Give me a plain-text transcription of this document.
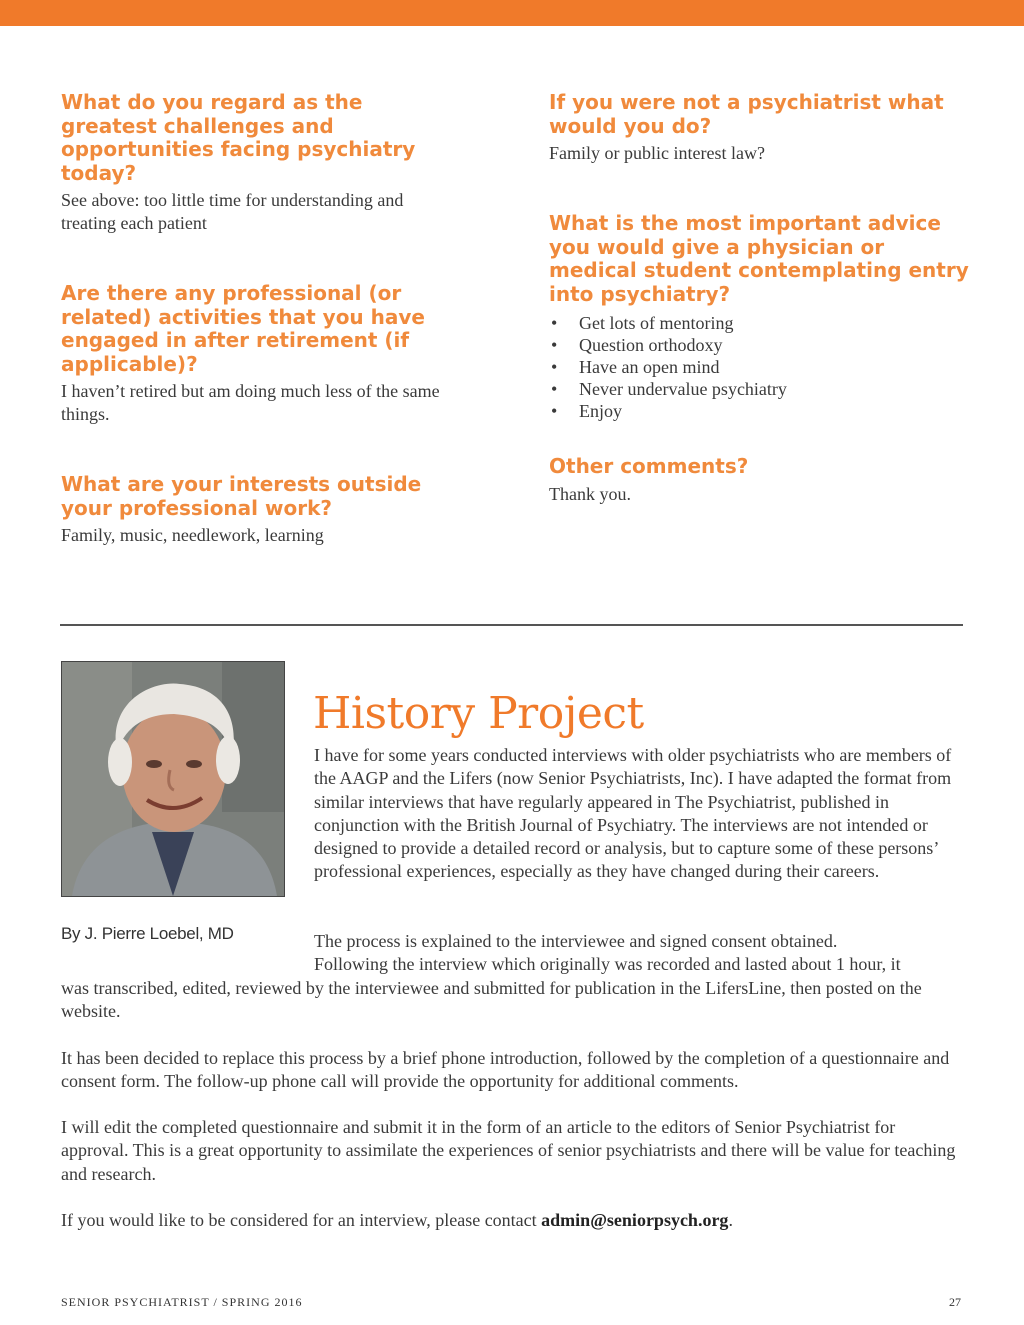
What do you regard as the greatest challenges and opportunities facing psychiatry today?

See above: too little time for understanding and treating each patient

Are there any professional (or related) activities that you have engaged in after retirement (if applicable)?

I haven’t retired but am doing much less of the same things.

What are your interests outside your professional work?

Family, music, needlework, learning

If you were not a psychiatrist what would you do?

Family or public interest law?

What is the most important advice you would give a physician or medical student contemplating entry into psychiatry?
• Get lots of mentoring
• Question orthodoxy
• Have an open mind
• Never undervalue psychiatry
• Enjoy
Other comments?

Thank you.

By J. Pierre Loebel, MD
History Project

I have for some years conducted interviews with older psychiatrists who are members of the AAGP and the Lifers (now Senior Psychiatrists, Inc). I have adapted the format from similar interviews that have regularly appeared in The Psychiatrist, published in conjunction with the British Journal of Psychiatry. The interviews are not intended or designed to provide a detailed record or analysis, but to capture some of these persons’ professional experiences, especially as they have changed during their careers.

The process is explained to the interviewee and signed consent obtained.

Following the interview which originally was recorded and lasted about 1 hour, it

was transcribed, edited, reviewed by the interviewee and submitted for publication in the LifersLine, then posted on the website.

It has been decided to replace this process by a brief phone introduction, followed by the completion of a questionnaire and consent form. The follow-up phone call will provide the opportunity for additional comments.

I will edit the completed questionnaire and submit it in the form of an article to the editors of Senior Psychiatrist for approval. This is a great opportunity to assimilate the experiences of senior psychiatrists and there will be value for teaching and research.

If you would like to be considered for an interview, please contact admin@seniorpsych.org.

SENIOR PSYCHIATRIST / SPRING 2016	27
